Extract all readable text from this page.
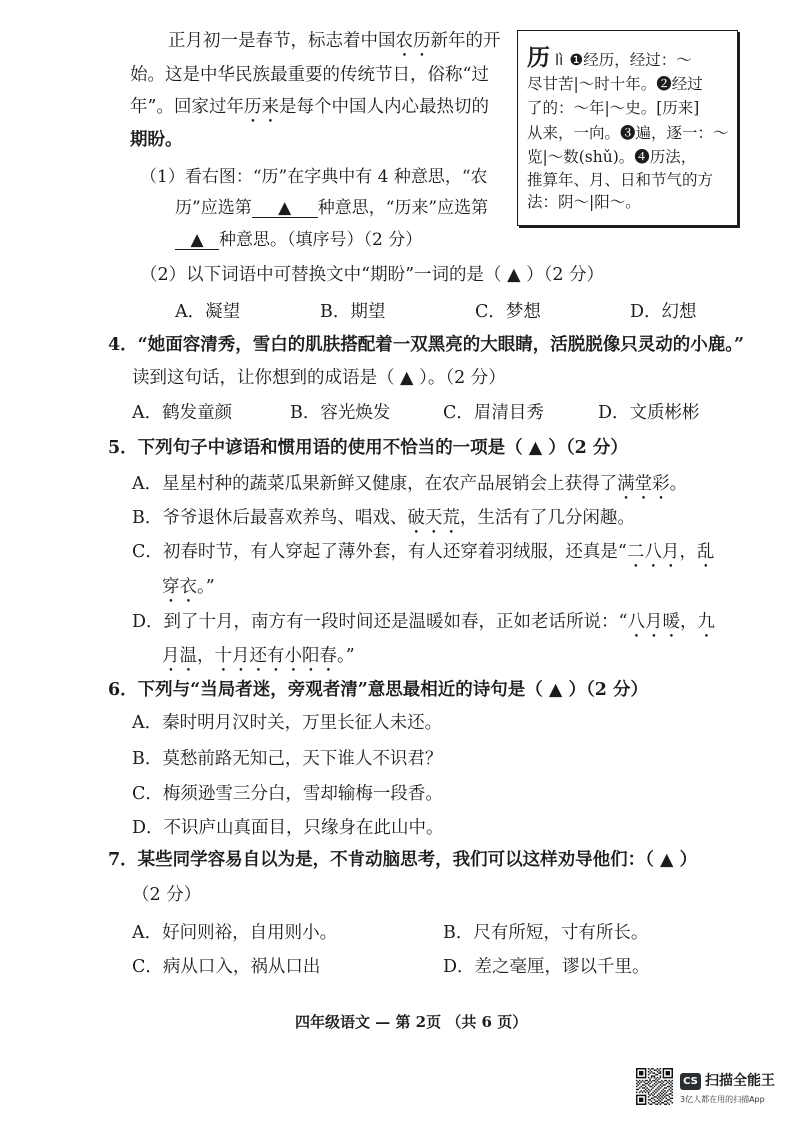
正月初一是春节，标志着中国农历新年的开
始。这是中华民族最重要的传统节日，俗称“过
年”。回家过年历来是每个中国人内心最热切的
期盼。
历lì ❶经历，经过：～
尽甘苦|～时十年。❷经过
了的：～年|～史。[历来]
从来，一向。❸遍，逐一：～
览|～数(shǔ)。❹历法，
推算年、月、日和节气的方
法：阴～|阳～。
（1）看右图：“历”在字典中有 4 种意思，“农
历”应选第 ▲ 种意思，“历来”应选第
▲ 种意思。（填序号）（2 分）
（2）以下词语中可替换文中“期盼”一词的是（ ▲ ）（2 分）
A．凝望	B．期望	C．梦想	D．幻想
4．“她面容清秀，雪白的肌肤搭配着一双黑亮的大眼睛，活脱脱像只灵动的小鹿。”
读到这句话，让你想到的成语是（ ▲ ）。（2 分）
A．鹤发童颜	B．容光焕发	C．眉清目秀	D．文质彬彬
5．下列句子中谚语和惯用语的使用不恰当的一项是（ ▲ ）（2 分）
A．星星村种的蔬菜瓜果新鲜又健康，在农产品展销会上获得了满堂彩。
B．爷爷退休后最喜欢养鸟、唱戏、破天荒，生活有了几分闲趣。
C．初春时节，有人穿起了薄外套，有人还穿着羽绒服，还真是“二八月，乱
穿衣。”
D．到了十月，南方有一段时间还是温暖如春，正如老话所说：“八月暖，九
月温，十月还有小阳春。”
6．下列与“当局者迷，旁观者清”意思最相近的诗句是（ ▲ ）（2 分）
A．秦时明月汉时关，万里长征人未还。
B．莫愁前路无知己，天下谁人不识君？
C．梅须逊雪三分白，雪却输梅一段香。
D．不识庐山真面目，只缘身在此山中。
7．某些同学容易自以为是，不肯动脑思考，我们可以这样劝导他们：（ ▲ ）
（2 分）
A．好问则裕，自用则小。	B．尺有所短，寸有所长。
C．病从口入，祸从口出	D．差之毫厘，谬以千里。
四年级语文 — 第 2页 （共 6 页）
CS 扫描全能王
3亿人都在用的扫描App
